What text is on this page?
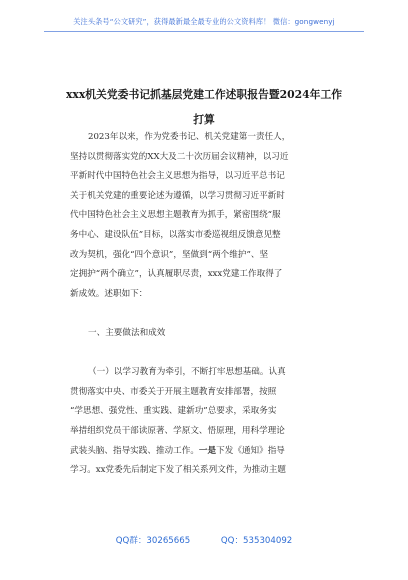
关注头条号“公文研究”，获得最新最全最专业的公文资料库！ 微信：gongwenyj
xxx机关党委书记抓基层党建工作述职报告暨2024年工作
打算

2023年以来，作为党委书记、机关党建第一责任人，
坚持以贯彻落实党的XX大及二十次历届会议精神，以习近
平新时代中国特色社会主义思想为指导，以习近平总书记
关于机关党建的重要论述为遵循，以学习贯彻习近平新时
代中国特色社会主义思想主题教育为抓手，紧密围绕“服
务中心、建设队伍”目标，以落实市委巡视组反馈意见整
改为契机，强化“四个意识”，坚做到“两个维护”、坚
定拥护“两个确立”，认真履职尽责，xxx党建工作取得了
新成效。述职如下：

一、主要做法和成效

（一）以学习教育为牵引，不断打牢思想基础。认真
贯彻落实中央、市委关于开展主题教育安排部署，按照
“学思想、强党性、重实践、建新功”总要求，采取务实
举措组织党员干部读原著、学原文、悟原理，用科学理论
武装头脑、指导实践、推动工作。一是下发《通知》指导
学习。xx党委先后制定下发了相关系列文件，为推动主题

QQ群：30265665	QQ：535304092
